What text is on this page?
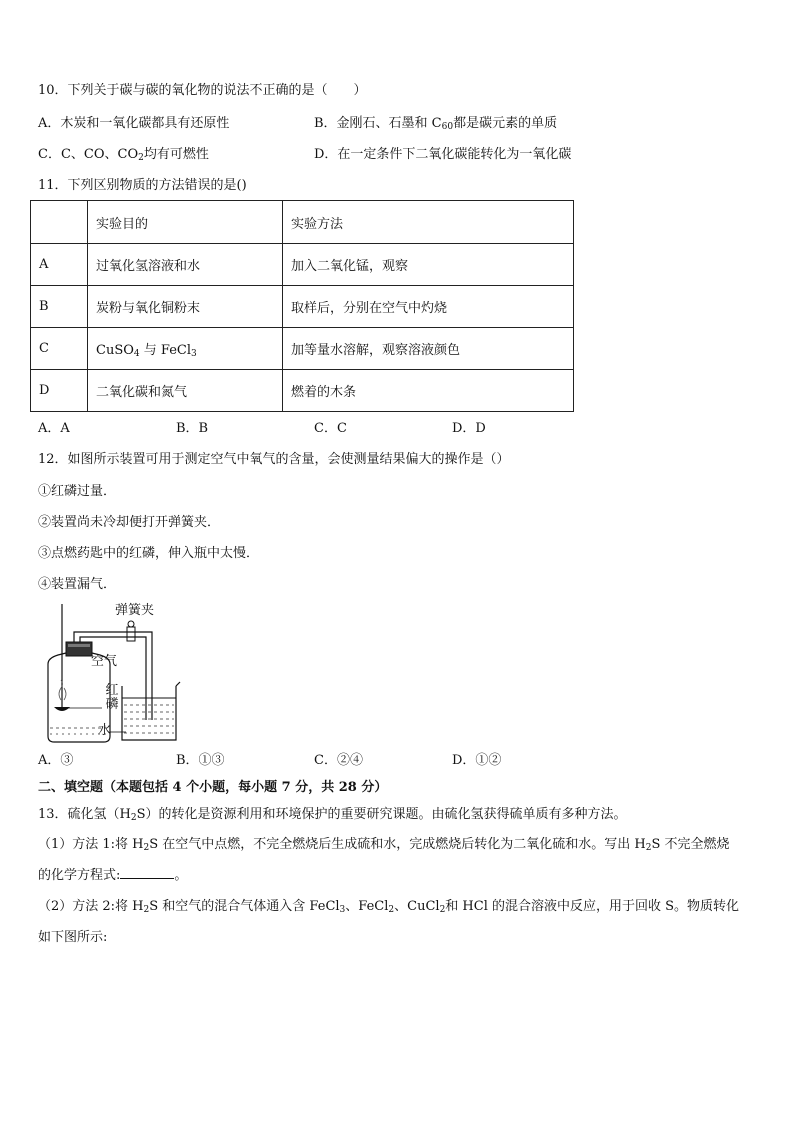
10．下列关于碳与碳的氧化物的说法不正确的是（　　）
A．木炭和一氧化碳都具有还原性	B．金刚石、石墨和 $C_{60}$都是碳元素的单质
C．C、CO、$CO_2$均有可燃性	D．在一定条件下二氧化碳能转化为一氧化碳
11．下列区别物质的方法错误的是()
	实验目的	实验方法
A	过氧化氢溶液和水	加入二氧化锰，观察
B	炭粉与氧化铜粉末	取样后，分别在空气中灼烧
C	CuSO$_4$ 与 FeCl$_3$	加等量水溶解，观察溶液颜色
D	二氧化碳和氮气	燃着的木条
A．A	B．B	C．C	D．D
12．如图所示装置可用于测定空气中氧气的含量，会使测量结果偏大的操作是（）
①红磷过量．
②装置尚未冷却便打开弹簧夹．
③点燃药匙中的红磷，伸入瓶中太慢．
④装置漏气．
弹簧夹
空气
红磷
水
A．③	B．①③	C．②④	D．①②
二、填空题（本题包括 4 个小题，每小题 7 分，共 28 分）
13．硫化氢$(H_2S)$的转化是资源利用和环境保护的重要研究课题。由硫化氢获得硫单质有多种方法。
（1）方法 1:将 $H_2S$ 在空气中点燃，不完全燃烧后生成硫和水，完成燃烧后转化为二氧化硫和水。写出 $H_2S$ 不完全燃烧
的化学方程式:	。
（2）方法 2:将 $H_2S$ 和空气的混合气体通入含 FeCl$_3$、FeCl$_2$、CuCl$_2$和 HCl 的混合溶液中反应，用于回收 S。物质转化
如下图所示:
